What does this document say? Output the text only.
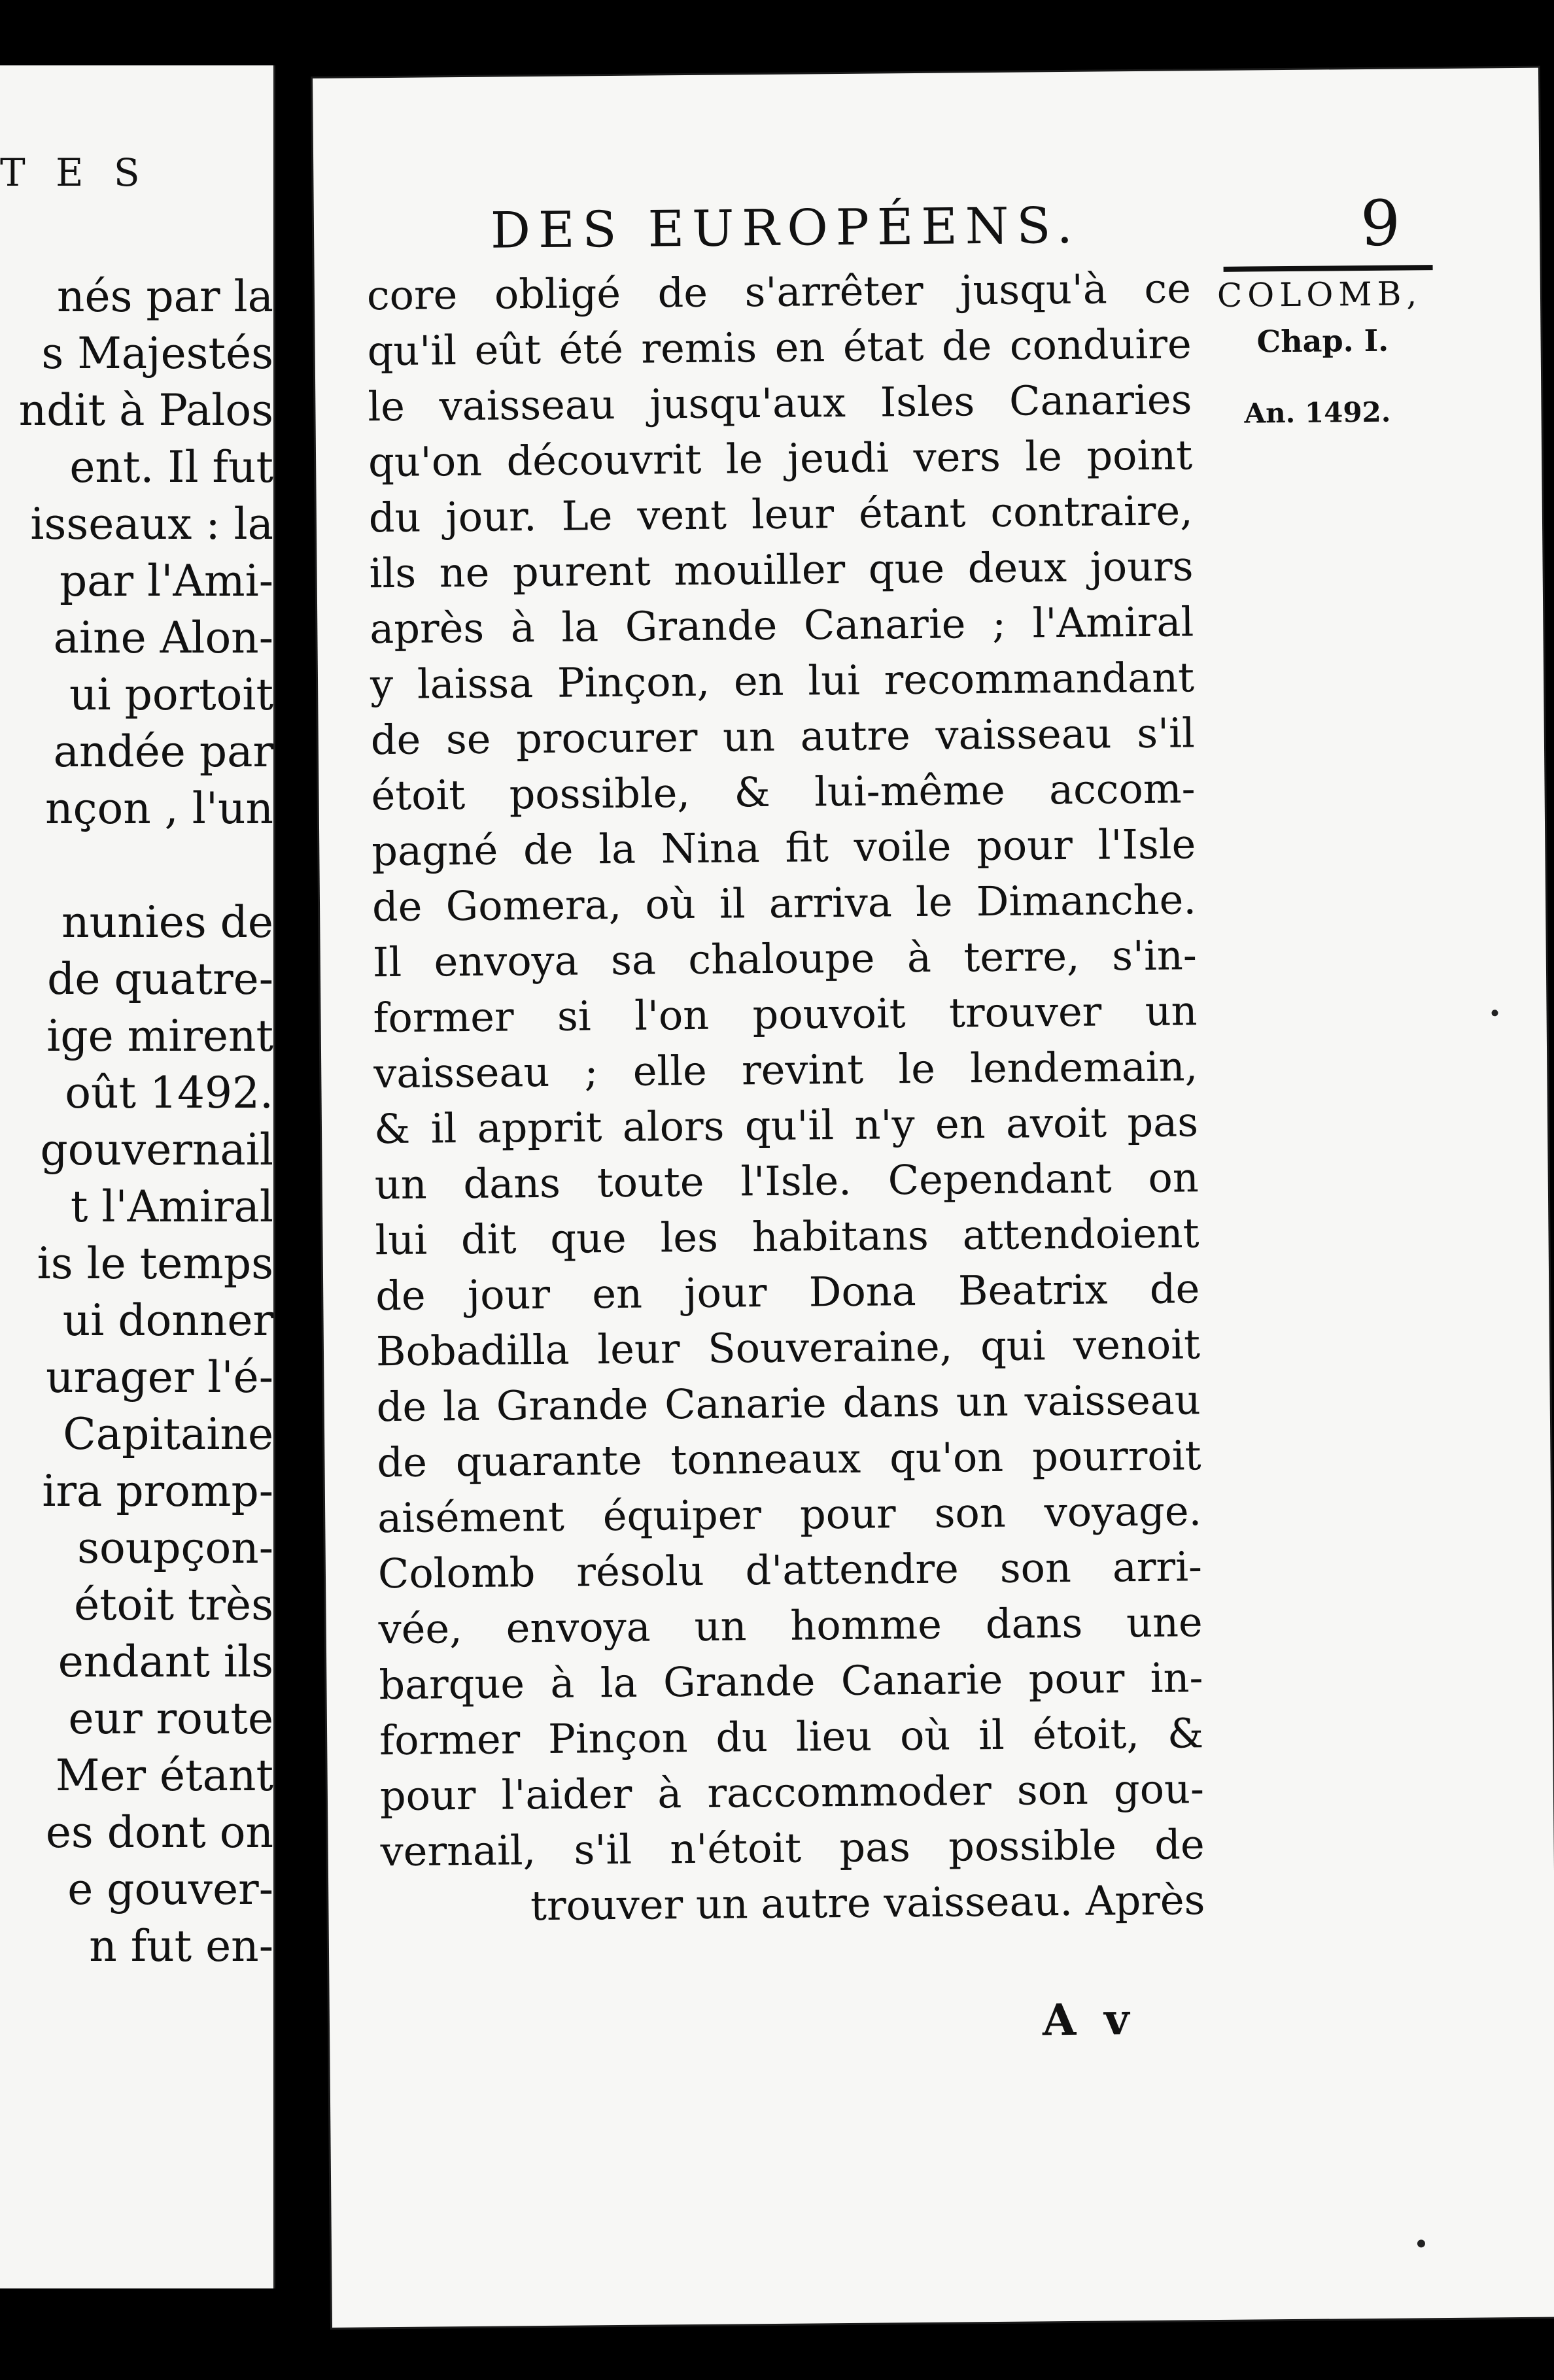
T E S
nés par la
s Majestés
ndit à Palos
ent. Il fut
isseaux : la
par l'Ami-
aine Alon-
ui portoit
andée par
nçon , l'un
nunies de
de quatre-
ige mirent
oût 1492.
gouvernail
t l'Amiral
is le temps
ui donner
urager l'é-
Capitaine
ira promp-
soupçon-
étoit très
endant ils
eur route
Mer étant
es dont on
e gouver-
n fut en-
DES EUROPÉENS.	9
COLOMB,
Chap. I.
An. 1492.
core obligé de s'arrêter jusqu'à ce
qu'il eût été remis en état de conduire
le vaisseau jusqu'aux Isles Canaries
qu'on découvrit le jeudi vers le point
du jour. Le vent leur étant contraire,
ils ne purent mouiller que deux jours
après à la Grande Canarie ; l'Amiral
y laissa Pinçon, en lui recommandant
de se procurer un autre vaisseau s'il
étoit possible, & lui-même accom-
pagné de la Nina fit voile pour l'Isle
de Gomera, où il arriva le Dimanche.
Il envoya sa chaloupe à terre, s'in-
former si l'on pouvoit trouver un
vaisseau ; elle revint le lendemain,
& il apprit alors qu'il n'y en avoit pas
un dans toute l'Isle. Cependant on
lui dit que les habitans attendoient
de jour en jour Dona Beatrix de
Bobadilla leur Souveraine, qui venoit
de la Grande Canarie dans un vaisseau
de quarante tonneaux qu'on pourroit
aisément équiper pour son voyage.
Colomb résolu d'attendre son arri-
vée, envoya un homme dans une
barque à la Grande Canarie pour in-
former Pinçon du lieu où il étoit, &
pour l'aider à raccommoder son gou-
vernail, s'il n'étoit pas possible de
trouver un autre vaisseau. Après
A v
